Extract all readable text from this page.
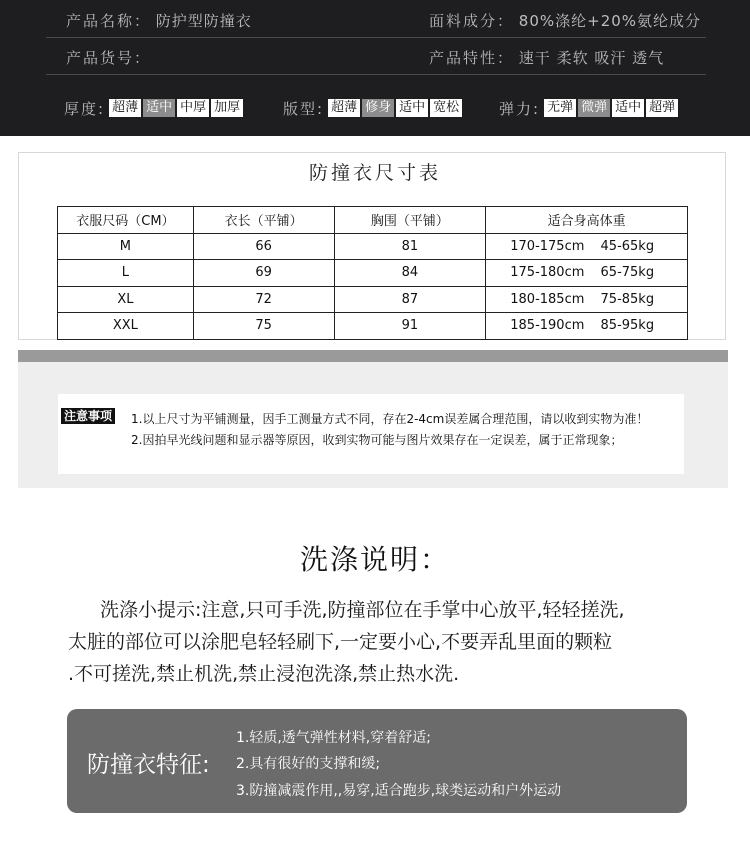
产品名称： 防护型防撞衣	面料成分： 80%涤纶+20%氨纶成分
产品货号：	产品特性： 速干 柔软 吸汗 透气
厚度: 超薄 适中 中厚 加厚	版型: 超薄 修身 适中 宽松	弹力: 无弹 微弹 适中 超弹
防撞衣尺寸表
衣服尺码（CM）	衣长（平铺）	胸围（平铺）	适合身高体重
M	66	81	170-175cm 45-65kg
L	69	84	175-180cm 65-75kg
XL	72	87	180-185cm 75-85kg
XXL	75	91	185-190cm 85-95kg
注意事项 1.以上尺寸为平铺测量，因手工测量方式不同，存在2-4cm误差属合理范围，请以收到实物为准！
2.因拍早光线问题和显示器等原因，收到实物可能与图片效果存在一定误差，属于正常现象；
洗涤说明：
洗涤小提示:注意,只可手洗,防撞部位在手掌中心放平,轻轻搓洗,
太脏的部位可以涂肥皂轻轻刷下,一定要小心,不要弄乱里面的颗粒
.不可搓洗,禁止机洗,禁止浸泡洗涤,禁止热水洗.
防撞衣特征:
1.轻质,透气弹性材料,穿着舒适;
2.具有很好的支撑和缓;
3.防撞减震作用,,易穿,适合跑步,球类运动和户外运动
